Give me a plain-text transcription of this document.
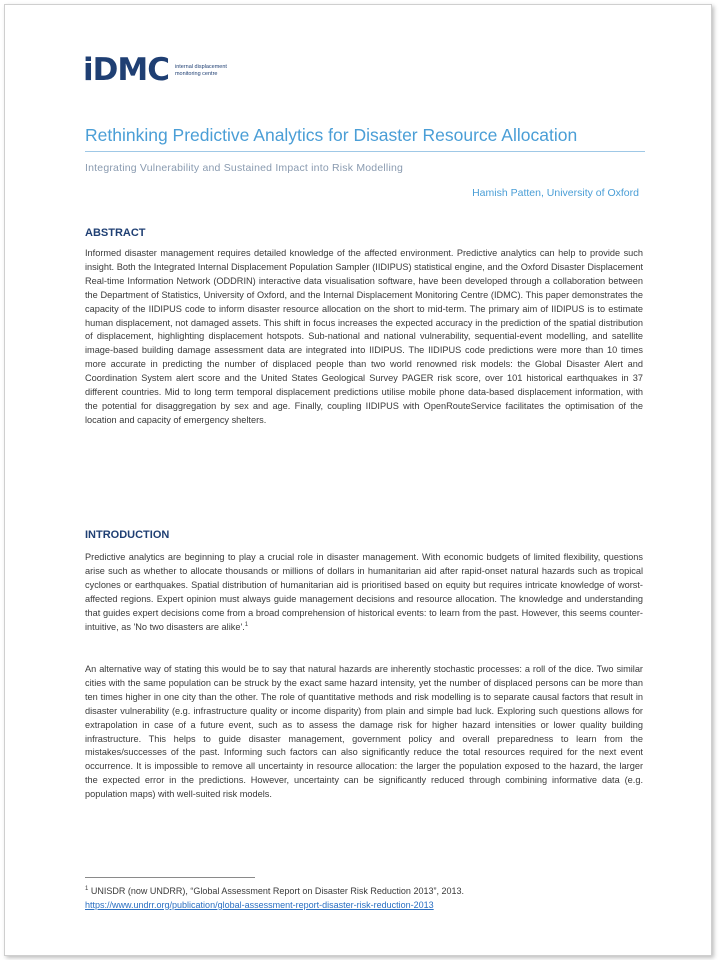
iDMC internal displacement monitoring centre
Rethinking Predictive Analytics for Disaster Resource Allocation
Integrating Vulnerability and Sustained Impact into Risk Modelling
Hamish Patten, University of Oxford
ABSTRACT

Informed disaster management requires detailed knowledge of the affected environment. Predictive analytics can help to provide such insight. Both the Integrated Internal Displacement Population Sampler (IIDIPUS) statistical engine, and the Oxford Disaster Displacement Real-time Information Network (ODDRIN) interactive data visualisation software, have been developed through a collaboration between the Department of Statistics, University of Oxford, and the Internal Displacement Monitoring Centre (IDMC). This paper demonstrates the capacity of the IIDIPUS code to inform disaster resource allocation on the short to mid-term. The primary aim of IIDIPUS is to estimate human displacement, not damaged assets. This shift in focus increases the expected accuracy in the prediction of the spatial distribution of displacement, highlighting displacement hotspots. Sub-national and national vulnerability, sequential-event modelling, and satellite image-based building damage assessment data are integrated into IIDIPUS. The IIDIPUS code predictions were more than 10 times more accurate in predicting the number of displaced people than two world renowned risk models: the Global Disaster Alert and Coordination System alert score and the United States Geological Survey PAGER risk score, over 101 historical earthquakes in 37 different countries. Mid to long term temporal displacement predictions utilise mobile phone data-based displacement information, with the potential for disaggregation by sex and age. Finally, coupling IIDIPUS with OpenRouteService facilitates the optimisation of the location and capacity of emergency shelters.

INTRODUCTION

Predictive analytics are beginning to play a crucial role in disaster management. With economic budgets of limited flexibility, questions arise such as whether to allocate thousands or millions of dollars in humanitarian aid after rapid-onset natural hazards such as tropical cyclones or earthquakes. Spatial distribution of humanitarian aid is prioritised based on equity but requires intricate knowledge of worst-affected regions. Expert opinion must always guide management decisions and resource allocation. The knowledge and understanding that guides expert decisions come from a broad comprehension of historical events: to learn from the past. However, this seems counter-intuitive, as 'No two disasters are alike'.$^1$

An alternative way of stating this would be to say that natural hazards are inherently stochastic processes: a roll of the dice. Two similar cities with the same population can be struck by the exact same hazard intensity, yet the number of displaced persons can be more than ten times higher in one city than the other. The role of quantitative methods and risk modelling is to separate causal factors that result in disaster vulnerability (e.g. infrastructure quality or income disparity) from plain and simple bad luck. Exploring such questions allows for extrapolation in case of a future event, such as to assess the damage risk for higher hazard intensities or lower quality building infrastructure. This helps to guide disaster management, government policy and overall preparedness to learn from the mistakes/successes of the past. Informing such factors can also significantly reduce the total resources required for the next event occurrence. It is impossible to remove all uncertainty in resource allocation: the larger the population exposed to the hazard, the larger the expected error in the predictions. However, uncertainty can be significantly reduced through combining informative data (e.g. population maps) with well-suited risk models.

$^1$ UNISDR (now UNDRR), “Global Assessment Report on Disaster Risk Reduction 2013”, 2013.
https://www.undrr.org/publication/global-assessment-report-disaster-risk-reduction-2013
